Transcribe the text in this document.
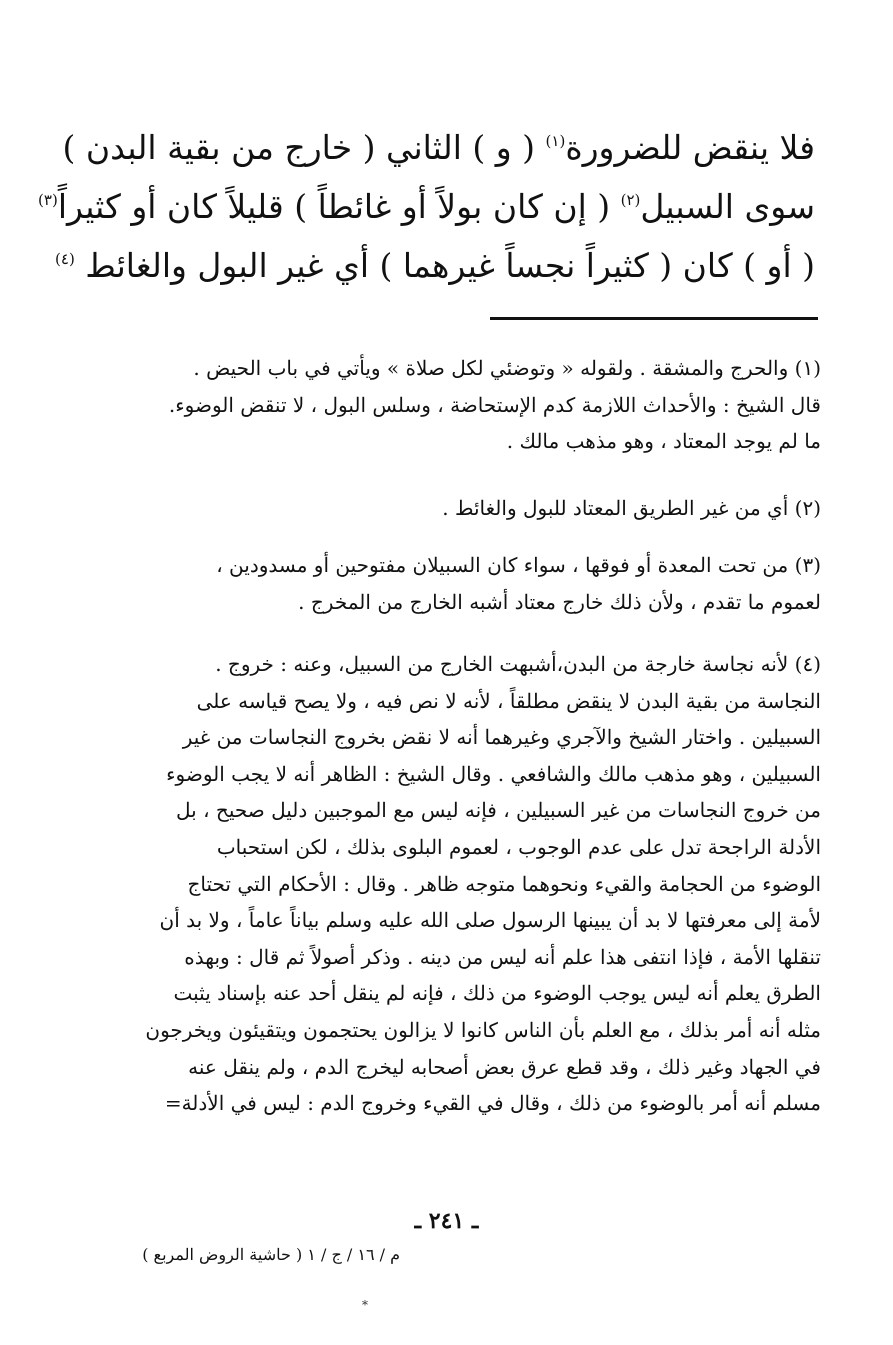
فلا ينقض للضرورة$^{(١)}$ ( و ) الثاني ( خارج من بقية البدن )
سوى السبيل$^{(٢)}$ ( إن كان بولاً أو غائطاً ) قليلاً كان أو كثيراً$^{(٣)}$
( أو ) كان ( كثيراً نجساً غيرهما ) أي غير البول والغائط $^{(٤)}$

(١) والحرج والمشقة . ولقوله « وتوضئي لكل صلاة » ويأتي في باب الحيض .
قال الشيخ : والأحداث اللازمة كدم الإستحاضة ، وسلس البول ، لا تنقض الوضوء.
ما لم يوجد المعتاد ، وهو مذهب مالك .

(٢) أي من غير الطريق المعتاد للبول والغائط .

(٣) من تحت المعدة أو فوقها ، سواء كان السبيلان مفتوحين أو مسدودين ،
لعموم ما تقدم ، ولأن ذلك خارج معتاد أشبه الخارج من المخرج .

(٤) لأنه نجاسة خارجة من البدن،أشبهت الخارج من السبيل، وعنه : خروج .
النجاسة من بقية البدن لا ينقض مطلقاً ، لأنه لا نص فيه ، ولا يصح قياسه على
السبيلين . واختار الشيخ والآجري وغيرهما أنه لا نقض بخروج النجاسات من غير
السبيلين ، وهو مذهب مالك والشافعي . وقال الشيخ : الظاهر أنه لا يجب الوضوء
من خروج النجاسات من غير السبيلين ، فإنه ليس مع الموجبين دليل صحيح ، بل
الأدلة الراجحة تدل على عدم الوجوب ، لعموم البلوى بذلك ، لكن استحباب
الوضوء من الحجامة والقيء ونحوهما متوجه ظاهر . وقال : الأحكام التي تحتاج
لأمة إلى معرفتها لا بد أن يبينها الرسول صلى الله عليه وسلم بياناً عاماً ، ولا بد أن
تنقلها الأمة ، فإذا انتفى هذا علم أنه ليس من دينه . وذكر أصولاً ثم قال : وبهذه
الطرق يعلم أنه ليس يوجب الوضوء من ذلك ، فإنه لم ينقل أحد عنه بإسناد يثبت
مثله أنه أمر بذلك ، مع العلم بأن الناس كانوا لا يزالون يحتجمون ويتقيئون ويخرجون
في الجهاد وغير ذلك ، وقد قطع عرق بعض أصحابه ليخرج الدم ، ولم ينقل عنه
مسلم أنه أمر بالوضوء من ذلك ، وقال في القيء وخروج الدم : ليس في الأدلة=

ـ ٢٤١ ـ
م / ١٦ / ج / ١ ( حاشية الروض المربع )
*
